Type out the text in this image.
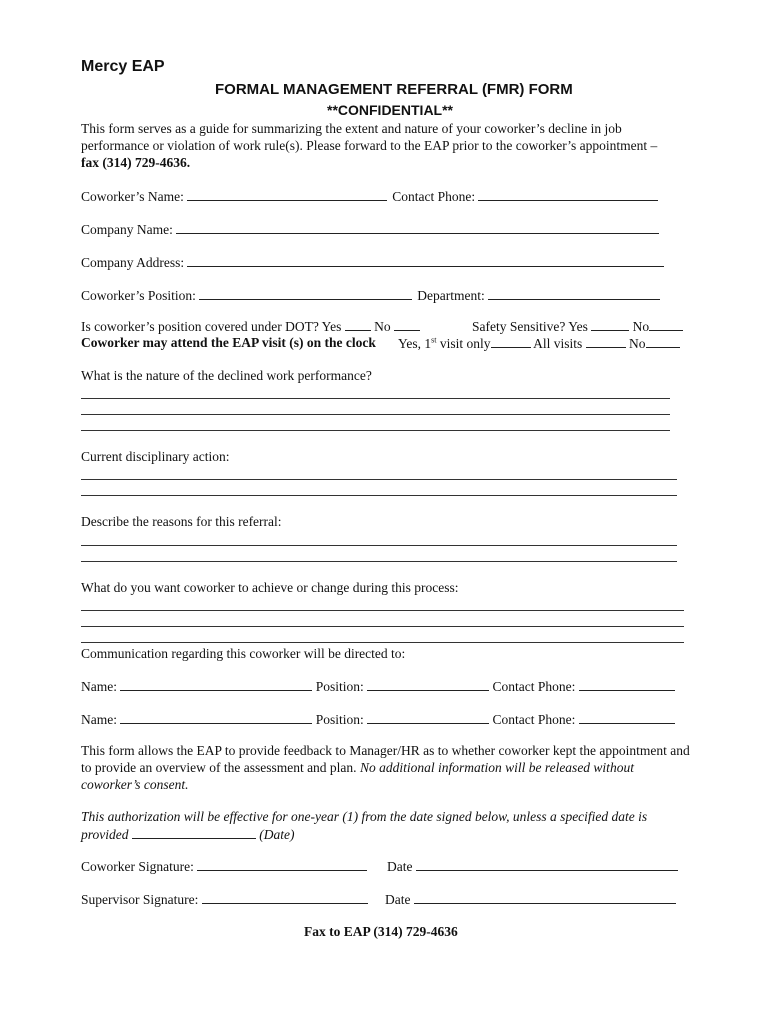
Mercy EAP
FORMAL MANAGEMENT REFERRAL (FMR) FORM
**CONFIDENTIAL**
This form serves as a guide for summarizing the extent and nature of your coworker’s decline in job
performance or violation of work rule(s). Please forward to the EAP prior to the coworker’s appointment –
fax (314) 729-4636.
Coworker’s Name:	Contact Phone:
Company Name:
Company Address:
Coworker’s Position:	Department:
Is coworker’s position covered under DOT? Yes No	Safety Sensitive? Yes	No
Coworker may attend the EAP visit (s) on the clock Yes, 1st visit only	All visits	No
What is the nature of the declined work performance?
Current disciplinary action:
Describe the reasons for this referral:
What do you want coworker to achieve or change during this process:
Communication regarding this coworker will be directed to:
Name:	Position:	Contact Phone:
Name:	Position:	Contact Phone:
This form allows the EAP to provide feedback to Manager/HR as to whether coworker kept the appointment and
to provide an overview of the assessment and plan. No additional information will be released without
coworker’s consent.
This authorization will be effective for one-year (1) from the date signed below, unless a specified date is
provided	(Date)
Coworker Signature:	Date
Supervisor Signature:	Date
Fax to EAP (314) 729-4636
